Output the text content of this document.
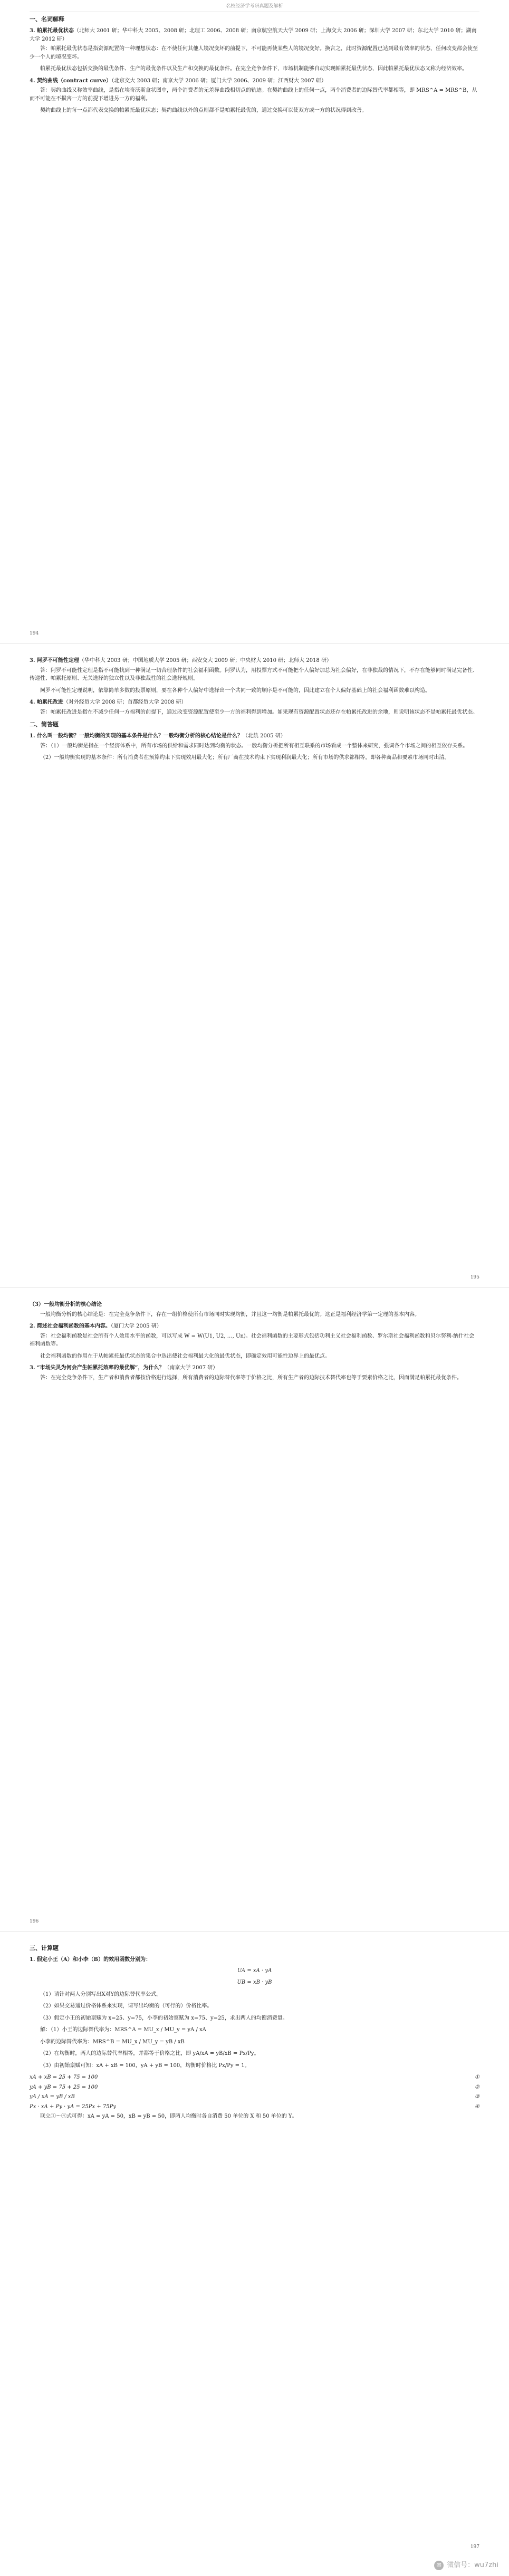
名校经济学考研真题及解析
一、名词解释
3. 帕累托最优状态（北师大 2001 研；华中科大 2005、2008 研；北理工 2006、2008 研；南京航空航天大学 2009 研；上海交大 2006 研；深圳大学 2007 研；东北大学 2010 研；湖南大学 2012 研）

答：帕累托最优状态是指资源配置的一种理想状态：在不使任何其他人境况变坏的前提下，不可能再使某些人的境况变好。换言之，此时资源配置已达到最有效率的状态，任何改变都会使至少一个人的境况变坏。

帕累托最优状态包括交换的最优条件、生产的最优条件以及生产和交换的最优条件。在完全竞争条件下，市场机制能够自动实现帕累托最优状态，因此帕累托最优状态又称为经济效率。

4. 契约曲线（contract curve）（北京交大 2003 研；南京大学 2006 研；厦门大学 2006、2009 研；江西财大 2007 研）

答：契约曲线又称效率曲线，是指在埃奇沃斯盒状图中，两个消费者的无差异曲线相切点的轨迹。在契约曲线上的任何一点，两个消费者的边际替代率都相等，即 MRS^A = MRS^B，从而不可能在不损害一方的前提下增进另一方的福利。

契约曲线上的每一点都代表交换的帕累托最优状态；契约曲线以外的点则都不是帕累托最优的，通过交换可以使双方或一方的状况得到改善。

194
3. 阿罗不可能性定理（华中科大 2003 研；中国地质大学 2005 研；西安交大 2009 研；中央财大 2010 研；北师大 2018 研）

答：阿罗不可能性定理是指不可能找到一种满足一切合理条件的社会福利函数。阿罗认为，用投票方式不可能把个人偏好加总为社会偏好，在非独裁的情况下，不存在能够同时满足完备性、传递性、帕累托原则、无关选择的独立性以及非独裁性的社会选择规则。

阿罗不可能性定理说明，依靠简单多数的投票原则，要在各种个人偏好中选择出一个共同一致的顺序是不可能的，因此建立在个人偏好基础上的社会福利函数难以构造。

4. 帕累托改进（对外经贸大学 2008 研；首都经贸大学 2008 研）

答：帕累托改进是指在不减少任何一方福利的前提下，通过改变资源配置使至少一方的福利得到增加。如果现有资源配置状态还存在帕累托改进的余地，则说明该状态不是帕累托最优状态。

二、简答题
1. 什么叫一般均衡？一般均衡的实现的基本条件是什么？一般均衡分析的核心结论是什么？（北航 2005 研）

答：（1）一般均衡是指在一个经济体系中，所有市场的供给和需求同时达到均衡的状态。一般均衡分析把所有相互联系的市场看成一个整体来研究，强调各个市场之间的相互依存关系。

（2）一般均衡实现的基本条件：所有消费者在预算约束下实现效用最大化；所有厂商在技术约束下实现利润最大化；所有市场的供求都相等，即各种商品和要素市场同时出清。

195
（3）一般均衡分析的核心结论

一般均衡分析的核心结论是：在完全竞争条件下，存在一组价格使所有市场同时实现均衡，并且这一均衡是帕累托最优的。这正是福利经济学第一定理的基本内容。

2. 简述社会福利函数的基本内容。（厦门大学 2005 研）

答：社会福利函数是社会所有个人效用水平的函数，可以写成 W = W(U1, U2, …, Un)。社会福利函数的主要形式包括功利主义社会福利函数、罗尔斯社会福利函数和贝尔努利-纳什社会福利函数等。

社会福利函数的作用在于从帕累托最优状态的集合中选出使社会福利最大化的最优状态，即确定效用可能性边界上的最优点。

3. “市场失灵为何会产生帕累托效率的最优解”，为什么？（南京大学 2007 研）

答：在完全竞争条件下，生产者和消费者都按价格进行选择，所有消费者的边际替代率等于价格之比，所有生产者的边际技术替代率也等于要素价格之比，因而满足帕累托最优条件。

196
三、计算题
1. 假定小王（A）和小李（B）的效用函数分别为：
UA = xA · yA
UB = xB · yB

（1）请针对两人分别写出X对Y的边际替代率公式。

（2）如果交易通过价格体系来实现，请写出均衡的（可行的）价格比率。

（3）假定小王的初始禀赋为 x=25、y=75，小李的初始禀赋为 x=75、y=25，求出两人的均衡消费量。

解：（1）小王的边际替代率为：MRS^A = MU_x / MU_y = yA / xA

小李的边际替代率为：MRS^B = MU_x / MU_y = yB / xB

（2）在均衡时，两人的边际替代率相等，并都等于价格之比，即 yA/xA = yB/xB = Px/Py。

（3）由初始禀赋可知：xA + xB = 100，yA + yB = 100，均衡时价格比 Px/Py = 1。

xA + xB = 25 + 75 = 100	①
yA + yB = 75 + 25 = 100	②
yA / xA = yB / xB	③
Px · xA + Py · yA = 25Px + 75Py	④

联立①～④式可得：xA = yA = 50，xB = yB = 50，即两人均衡时各自消费 50 单位的 X 和 50 单位的 Y。

197
✉ 微信号：wu7zhi
